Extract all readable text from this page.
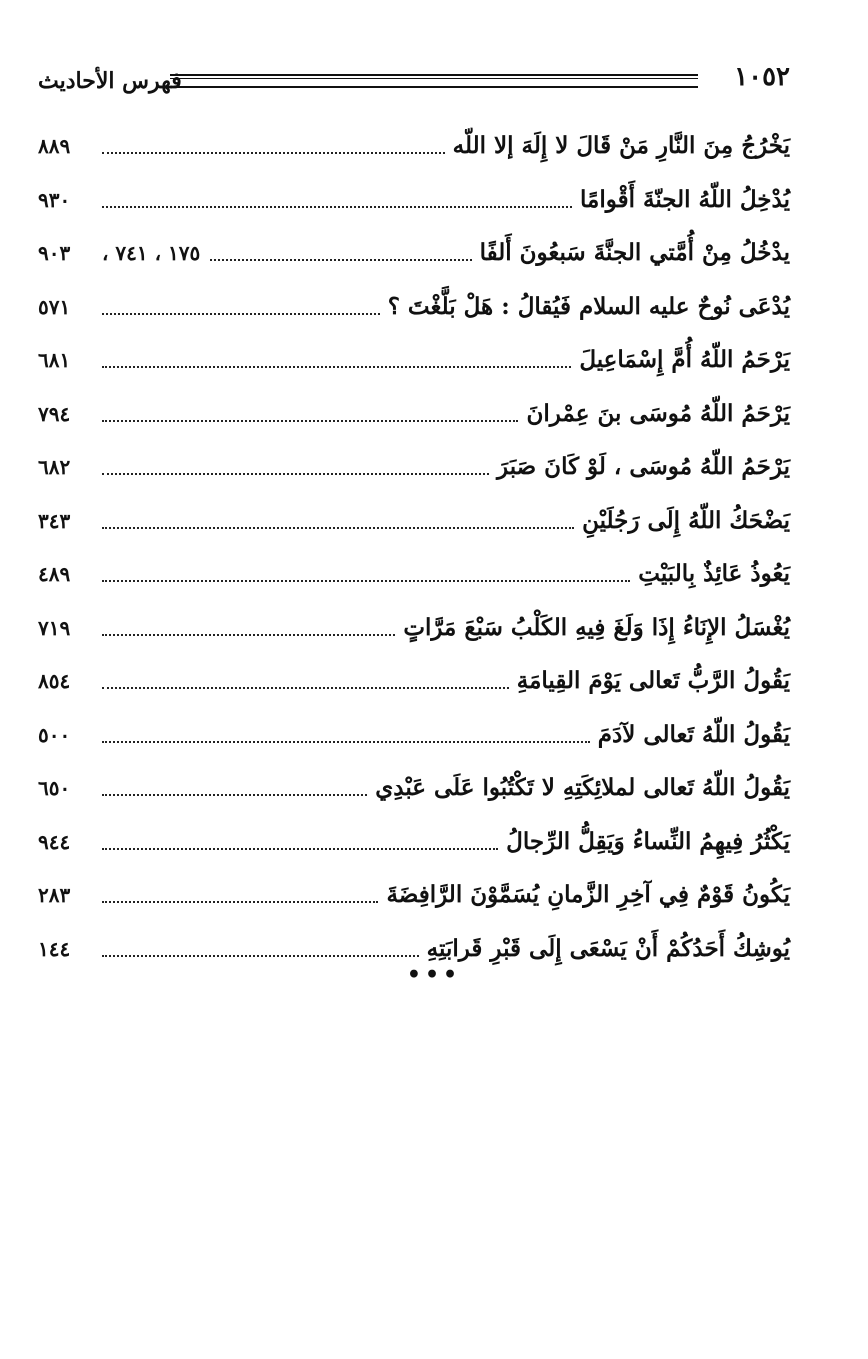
فهرس الأحاديث	١٠٥٢
يَخْرُجُ مِنَ النَّارِ مَنْ قَالَ لا إِلَهَ إلا اللّه
٨٨٩
يُدْخِلُ اللّهُ الجنّةَ أَقْوامًا
٩٣٠
يدْخُلُ مِنْ أُمَّتي الجنَّةَ سَبعُونَ أَلفًا
١٧٥ ، ٧٤١ ،
٩٠٣
يُدْعَى نُوحٌ عليه السلام فَيُقالُ : هَلْ بَلَّغْتَ ؟
٥٧١
يَرْحَمُ اللّهُ أُمَّ إِسْمَاعِيلَ
٦٨١
يَرْحَمُ اللّهُ مُوسَى بنَ عِمْرانَ
٧٩٤
يَرْحَمُ اللّهُ مُوسَى ، لَوْ كَانَ صَبَرَ
٦٨٢
يَضْحَكُ اللّهُ إِلَى رَجُلَيْنِ
٣٤٣
يَعُوذُ عَائِذٌ بِالبَيْتِ
٤٨٩
يُغْسَلُ الإِنَاءُ إِذَا وَلَغَ فِيهِ الكَلْبُ سَبْعَ مَرَّاتٍ
٧١٩
يَقُولُ الرَّبُّ تَعالى يَوْمَ القِيامَةِ
٨٥٤
يَقُولُ اللّهُ تَعالى لآدَمَ
٥٠٠
يَقُولُ اللّهُ تَعالى لملائِكَتِهِ لا تَكْتُبُوا عَلَى عَبْدِي
٦٥٠
يَكْثُرُ فِيهِمُ النِّساءُ وَيَقِلُّ الرِّجالُ
٩٤٤
يَكُونُ قَوْمٌ فِي آخِرِ الزَّمانِ يُسَمَّوْنَ الرَّافِضَةَ
٢٨٣
يُوشِكُ أَحَدُكُمْ أَنْ يَسْعَى إِلَى قَبْرِ قَرابَتِهِ
١٤٤
•••
